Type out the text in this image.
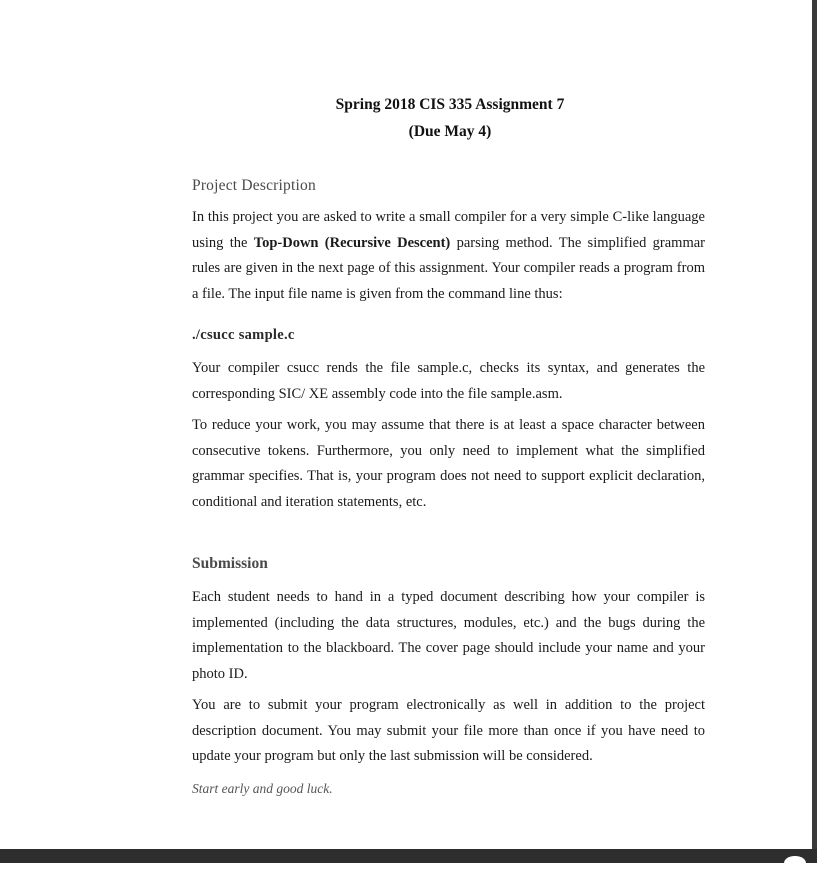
Spring 2018 CIS 335 Assignment 7
(Due May 4)
Project Description
In this project you are asked to write a small compiler for a very simple C-like language using the Top-Down (Recursive Descent) parsing method. The simplified grammar rules are given in the next page of this assignment. Your compiler reads a program from a file. The input file name is given from the command line thus:
./csucc sample.c
Your compiler csucc rends the file sample.c, checks its syntax, and generates the corresponding SIC/ XE assembly code into the file sample.asm.
To reduce your work, you may assume that there is at least a space character between consecutive tokens. Furthermore, you only need to implement what the simplified grammar specifies. That is, your program does not need to support explicit declaration, conditional and iteration statements, etc.
Submission
Each student needs to hand in a typed document describing how your compiler is implemented (including the data structures, modules, etc.) and the bugs during the implementation to the blackboard. The cover page should include your name and your photo ID.
You are to submit your program electronically as well in addition to the project description document. You may submit your file more than once if you have need to update your program but only the last submission will be considered.
Start early and good luck.
